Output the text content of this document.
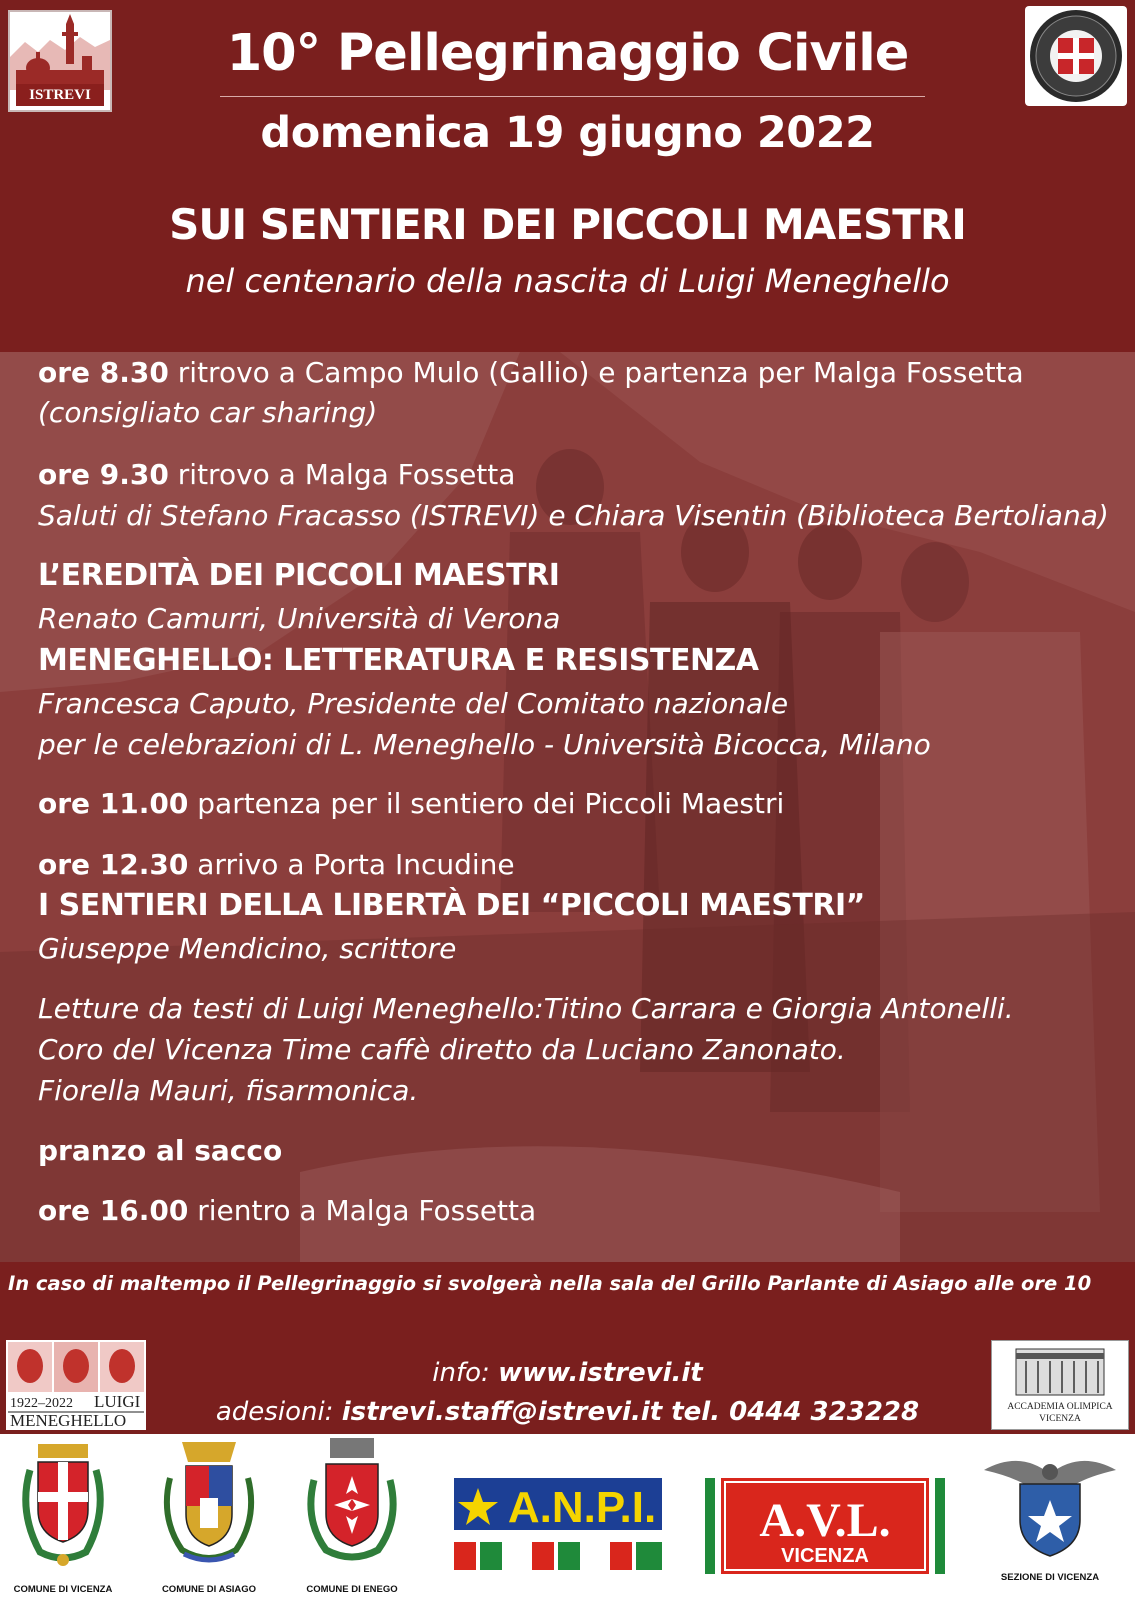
ISTREVI
10° Pellegrinaggio Civile
domenica 19 giugno 2022
SUI SENTIERI DEI PICCOLI MAESTRI
nel centenario della nascita di Luigi Meneghello
ore 8.30 ritrovo a Campo Mulo (Gallio) e partenza per Malga Fossetta
(consigliato car sharing)
ore 9.30 ritrovo a Malga Fossetta
Saluti di Stefano Fracasso (ISTREVI) e Chiara Visentin (Biblioteca Bertoliana)
L’EREDITÀ DEI PICCOLI MAESTRI
Renato Camurri, Università di Verona
MENEGHELLO: LETTERATURA E RESISTENZA
Francesca Caputo, Presidente del Comitato nazionale
per le celebrazioni di L. Meneghello - Università Bicocca, Milano
ore 11.00 partenza per il sentiero dei Piccoli Maestri
ore 12.30 arrivo a Porta Incudine
I SENTIERI DELLA LIBERTÀ DEI “PICCOLI MAESTRI”
Giuseppe Mendicino, scrittore
Letture da testi di Luigi Meneghello:Titino Carrara e Giorgia Antonelli.
Coro del Vicenza Time caffè diretto da Luciano Zanonato.
Fiorella Mauri, fisarmonica.
pranzo al sacco
ore 16.00 rientro a Malga Fossetta
In caso di maltempo il Pellegrinaggio si svolgerà nella sala del Grillo Parlante di Asiago alle ore 10
info: www.istrevi.it
adesioni: istrevi.staff@istrevi.it tel. 0444 323228
1922–2022 LUIGI
MENEGHELLO
ACCADEMIA OLIMPICA
VICENZA
COMUNE DI VICENZA	COMUNE DI ASIAGO	COMUNE DI ENEGO
A.N.P.I. A.V.L.
VICENZA
SEZIONE DI VICENZA
